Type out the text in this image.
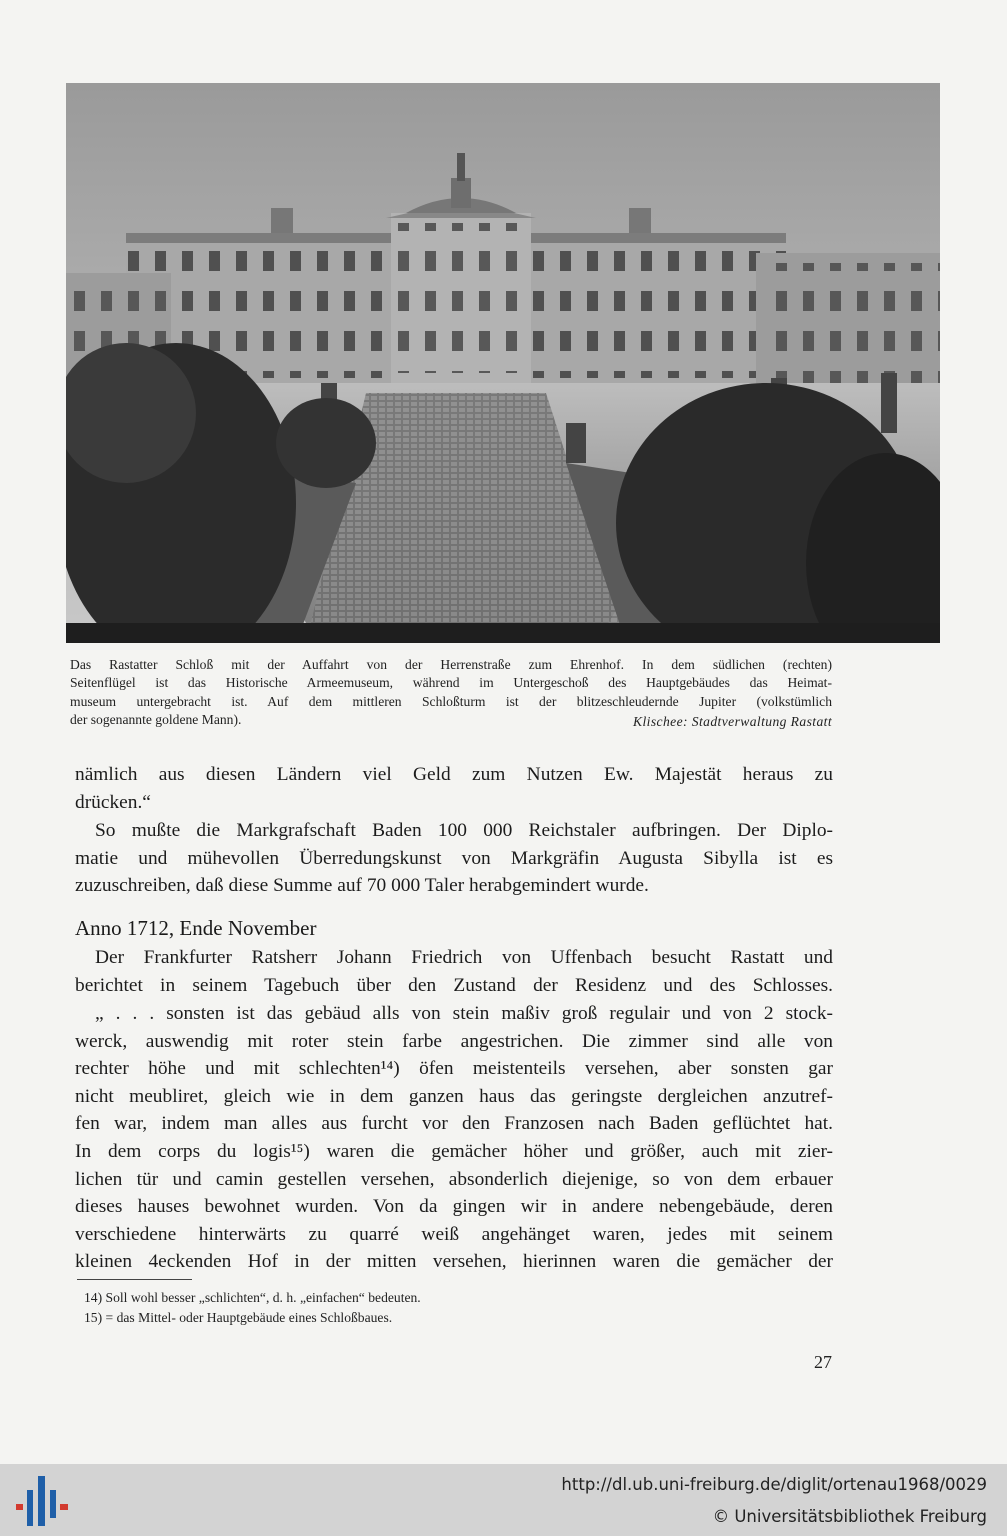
Das Rastatter Schloß mit der Auffahrt von der Herrenstraße zum Ehrenhof. In dem südlichen (rechten)
Seitenflügel ist das Historische Armeemuseum, während im Untergeschoß des Hauptgebäudes das Heimat-
museum untergebracht ist. Auf dem mittleren Schloßturm ist der blitzeschleudernde Jupiter (volkstümlich
der sogenannte goldene Mann).	Klischee: Stadtverwaltung Rastatt
nämlich aus diesen Ländern viel Geld zum Nutzen Ew. Majestät heraus zu
drücken.“
So mußte die Markgrafschaft Baden 100 000 Reichstaler aufbringen. Der Diplo-
matie und mühevollen Überredungskunst von Markgräfin Augusta Sibylla ist es
zuzuschreiben, daß diese Summe auf 70 000 Taler herabgemindert wurde.
Anno 1712, Ende November
Der Frankfurter Ratsherr Johann Friedrich von Uffenbach besucht Rastatt und
berichtet in seinem Tagebuch über den Zustand der Residenz und des Schlosses.
„ . . . sonsten ist das gebäud alls von stein maßiv groß regulair und von 2 stock-
werck, auswendig mit roter stein farbe angestrichen. Die zimmer sind alle von
rechter höhe und mit schlechten¹⁴) öfen meistenteils versehen, aber sonsten gar
nicht meubliret, gleich wie in dem ganzen haus das geringste dergleichen anzutref-
fen war, indem man alles aus furcht vor den Franzosen nach Baden geflüchtet hat.
In dem corps du logis¹⁵) waren die gemächer höher und größer, auch mit zier-
lichen tür und camin gestellen versehen, absonderlich diejenige, so von dem erbauer
dieses hauses bewohnet wurden. Von da gingen wir in andere nebengebäude, deren
verschiedene hinterwärts zu quarré weiß angehänget waren, jedes mit seinem
kleinen 4eckenden Hof in der mitten versehen, hierinnen waren die gemächer der
14) Soll wohl besser „schlichten“, d. h. „einfachen“ bedeuten.
15) = das Mittel- oder Hauptgebäude eines Schloßbaues.
27
http://dl.ub.uni-freiburg.de/diglit/ortenau1968/0029
© Universitätsbibliothek Freiburg
